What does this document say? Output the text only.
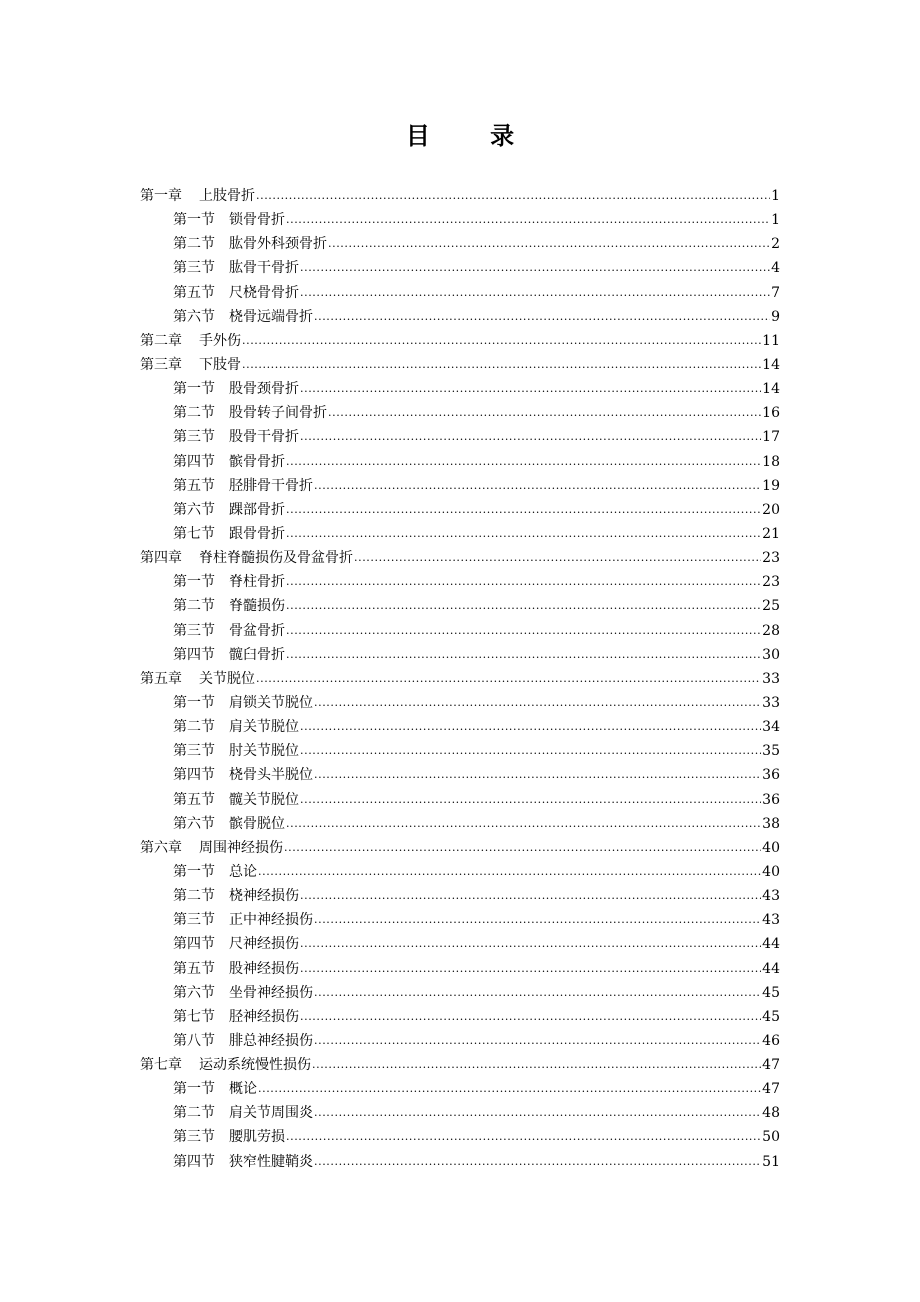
目 录
第一章 上肢骨折 .....	1
第一节 锁骨骨折 .....	1
第二节 肱骨外科颈骨折 .....	2
第三节 肱骨干骨折 .....	4
第五节 尺桡骨骨折 .....	7
第六节 桡骨远端骨折 .....	9
第二章 手外伤 .....	11
第三章 下肢骨 .....	14
第一节 股骨颈骨折 .....	14
第二节 股骨转子间骨折 .....	16
第三节 股骨干骨折 .....	17
第四节 髌骨骨折 .....	18
第五节 胫腓骨干骨折 .....	19
第六节 踝部骨折 .....	20
第七节 跟骨骨折 .....	21
第四章 脊柱脊髓损伤及骨盆骨折 .....	23
第一节 脊柱骨折 .....	23
第二节 脊髓损伤 .....	25
第三节 骨盆骨折 .....	28
第四节 髋臼骨折 .....	30
第五章 关节脱位 .....	33
第一节 肩锁关节脱位 .....	33
第二节 肩关节脱位 .....	34
第三节 肘关节脱位 .....	35
第四节 桡骨头半脱位 .....	36
第五节 髋关节脱位 .....	36
第六节 髌骨脱位 .....	38
第六章 周围神经损伤 .....	40
第一节 总论 .....	40
第二节 桡神经损伤 .....	43
第三节 正中神经损伤 .....	43
第四节 尺神经损伤 .....	44
第五节 股神经损伤 .....	44
第六节 坐骨神经损伤 .....	45
第七节 胫神经损伤 .....	45
第八节 腓总神经损伤 .....	46
第七章 运动系统慢性损伤 .....	47
第一节 概论 .....	47
第二节 肩关节周围炎 .....	48
第三节 腰肌劳损 .....	50
第四节 狭窄性腱鞘炎 .....	51
